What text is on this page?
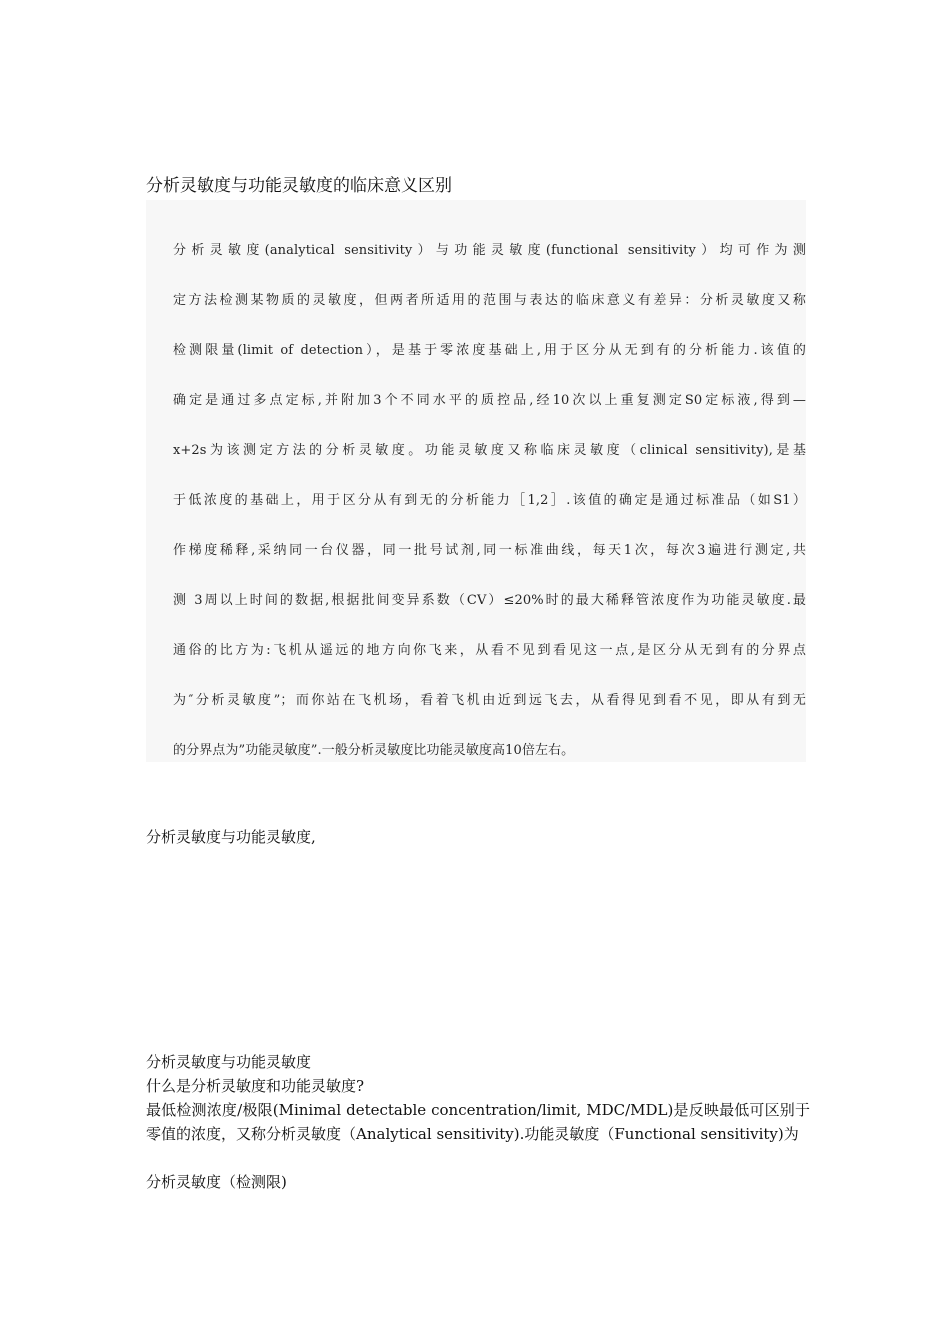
分析灵敏度与功能灵敏度的临床意义区别
分析灵敏度(analytical sensitivity）与功能灵敏度(functional sensitivity）均可作为测
定方法检测某物质的灵敏度，但两者所适用的范围与表达的临床意义有差异：分析灵敏度又称
检测限量(limit of detection），是基于零浓度基础上,用于区分从无到有的分析能力.该值的
确定是通过多点定标,并附加3个不同水平的质控品,经10次以上重复测定S0定标液,得到—
x+2s为该测定方法的分析灵敏度。功能灵敏度又称临床灵敏度（clinical sensitivity),是基
于低浓度的基础上，用于区分从有到无的分析能力［1,2］.该值的确定是通过标准品（如S1）
作梯度稀释,采纳同一台仪器，同一批号试剂,同一标准曲线，每天1次，每次3遍进行测定,共
测 3周以上时间的数据,根据批间变异系数（CV）≤20%时的最大稀释管浓度作为功能灵敏度.最
通俗的比方为:飞机从遥远的地方向你飞来，从看不见到看见这一点,是区分从无到有的分界点
为″分析灵敏度”；而你站在飞机场，看着飞机由近到远飞去，从看得见到看不见，即从有到无
的分界点为”功能灵敏度”.一般分析灵敏度比功能灵敏度高10倍左右。

分析灵敏度与功能灵敏度,

分析灵敏度与功能灵敏度
什么是分析灵敏度和功能灵敏度?
最低检测浓度/极限(Minimal detectable concentration/limit, MDC/MDL)是反映最低可区别于
零值的浓度，又称分析灵敏度（Analytical sensitivity).功能灵敏度（Functional sensitivity)为
分析灵敏度（检测限)
